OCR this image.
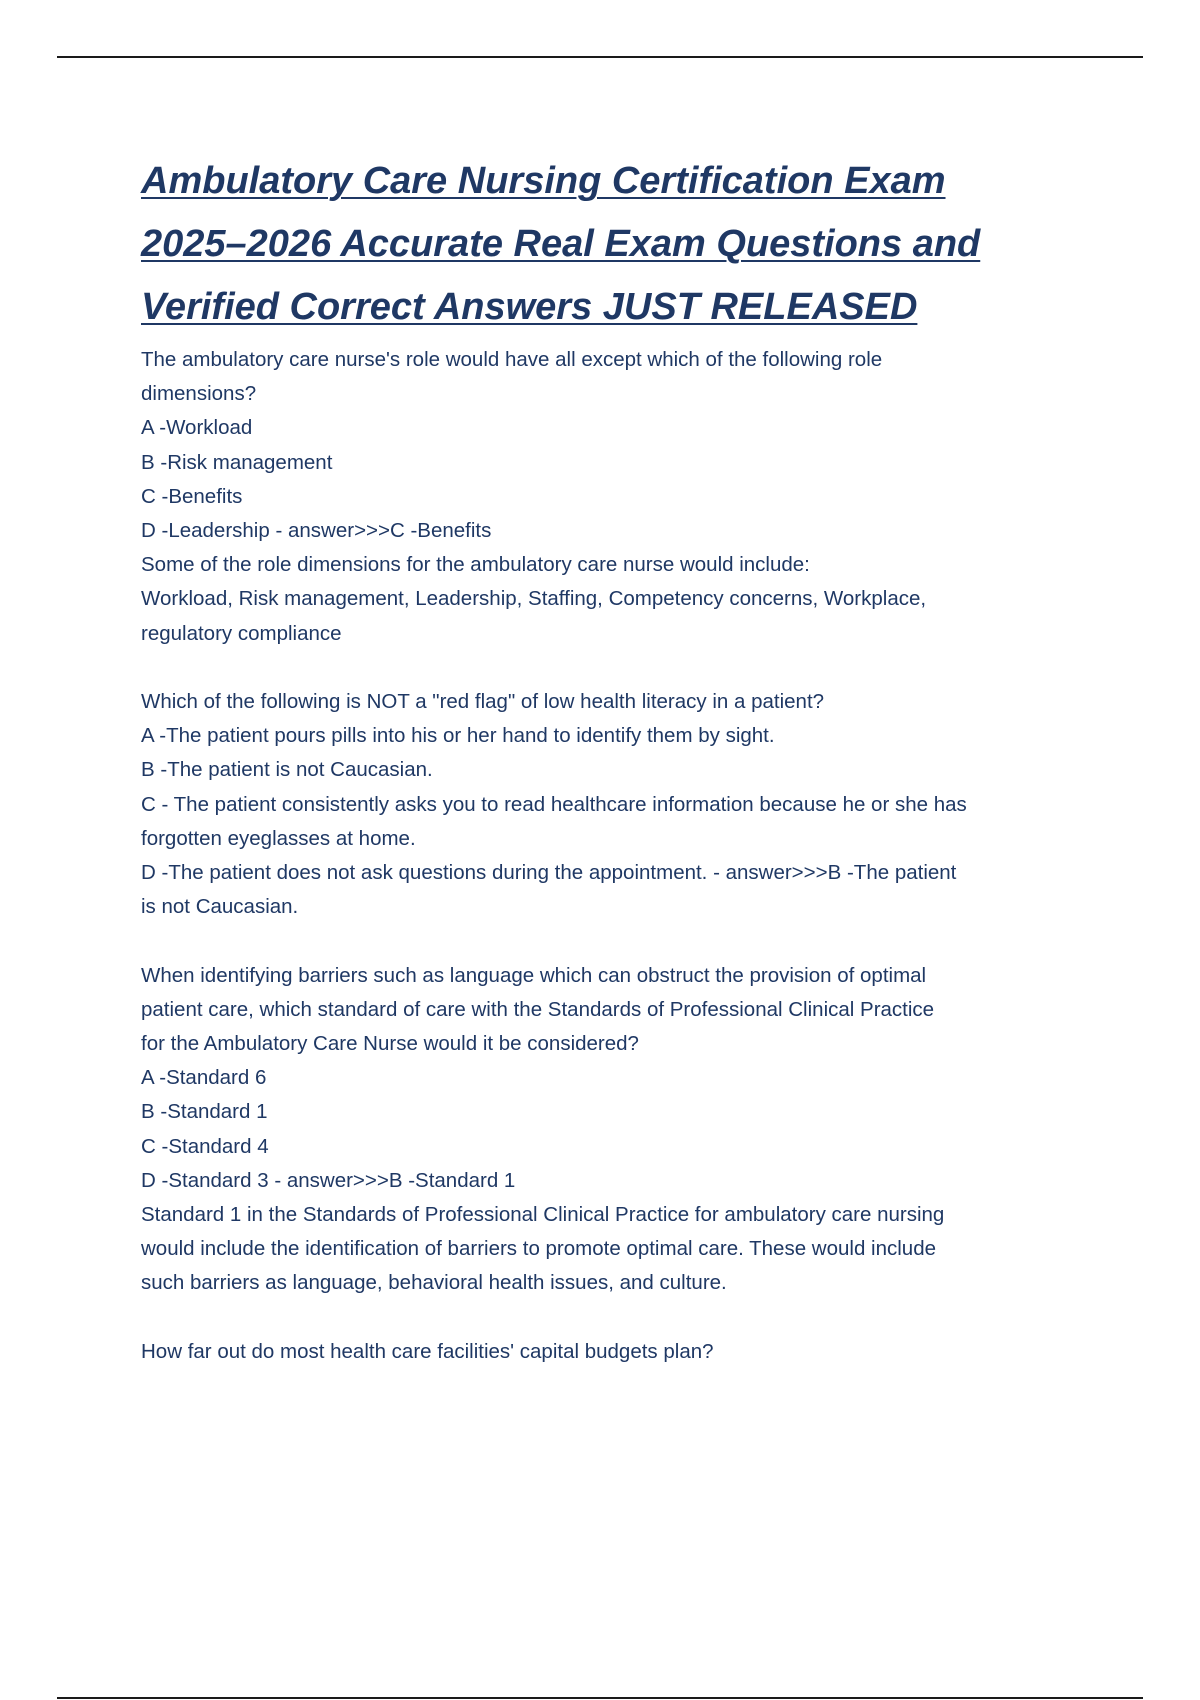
Ambulatory Care Nursing Certification Exam
2025–2026 Accurate Real Exam Questions and
Verified Correct Answers JUST RELEASED
The ambulatory care nurse's role would have all except which of the following role
dimensions?
A -Workload
B -Risk management
C -Benefits
D -Leadership - answer>>>C -Benefits
Some of the role dimensions for the ambulatory care nurse would include:
Workload, Risk management, Leadership, Staffing, Competency concerns, Workplace,
regulatory compliance
Which of the following is NOT a "red flag" of low health literacy in a patient?
A -The patient pours pills into his or her hand to identify them by sight.
B -The patient is not Caucasian.
C - The patient consistently asks you to read healthcare information because he or she has
forgotten eyeglasses at home.
D -The patient does not ask questions during the appointment. - answer>>>B -The patient
is not Caucasian.
When identifying barriers such as language which can obstruct the provision of optimal
patient care, which standard of care with the Standards of Professional Clinical Practice
for the Ambulatory Care Nurse would it be considered?
A -Standard 6
B -Standard 1
C -Standard 4
D -Standard 3 - answer>>>B -Standard 1
Standard 1 in the Standards of Professional Clinical Practice for ambulatory care nursing
would include the identification of barriers to promote optimal care. These would include
such barriers as language, behavioral health issues, and culture.
How far out do most health care facilities' capital budgets plan?
